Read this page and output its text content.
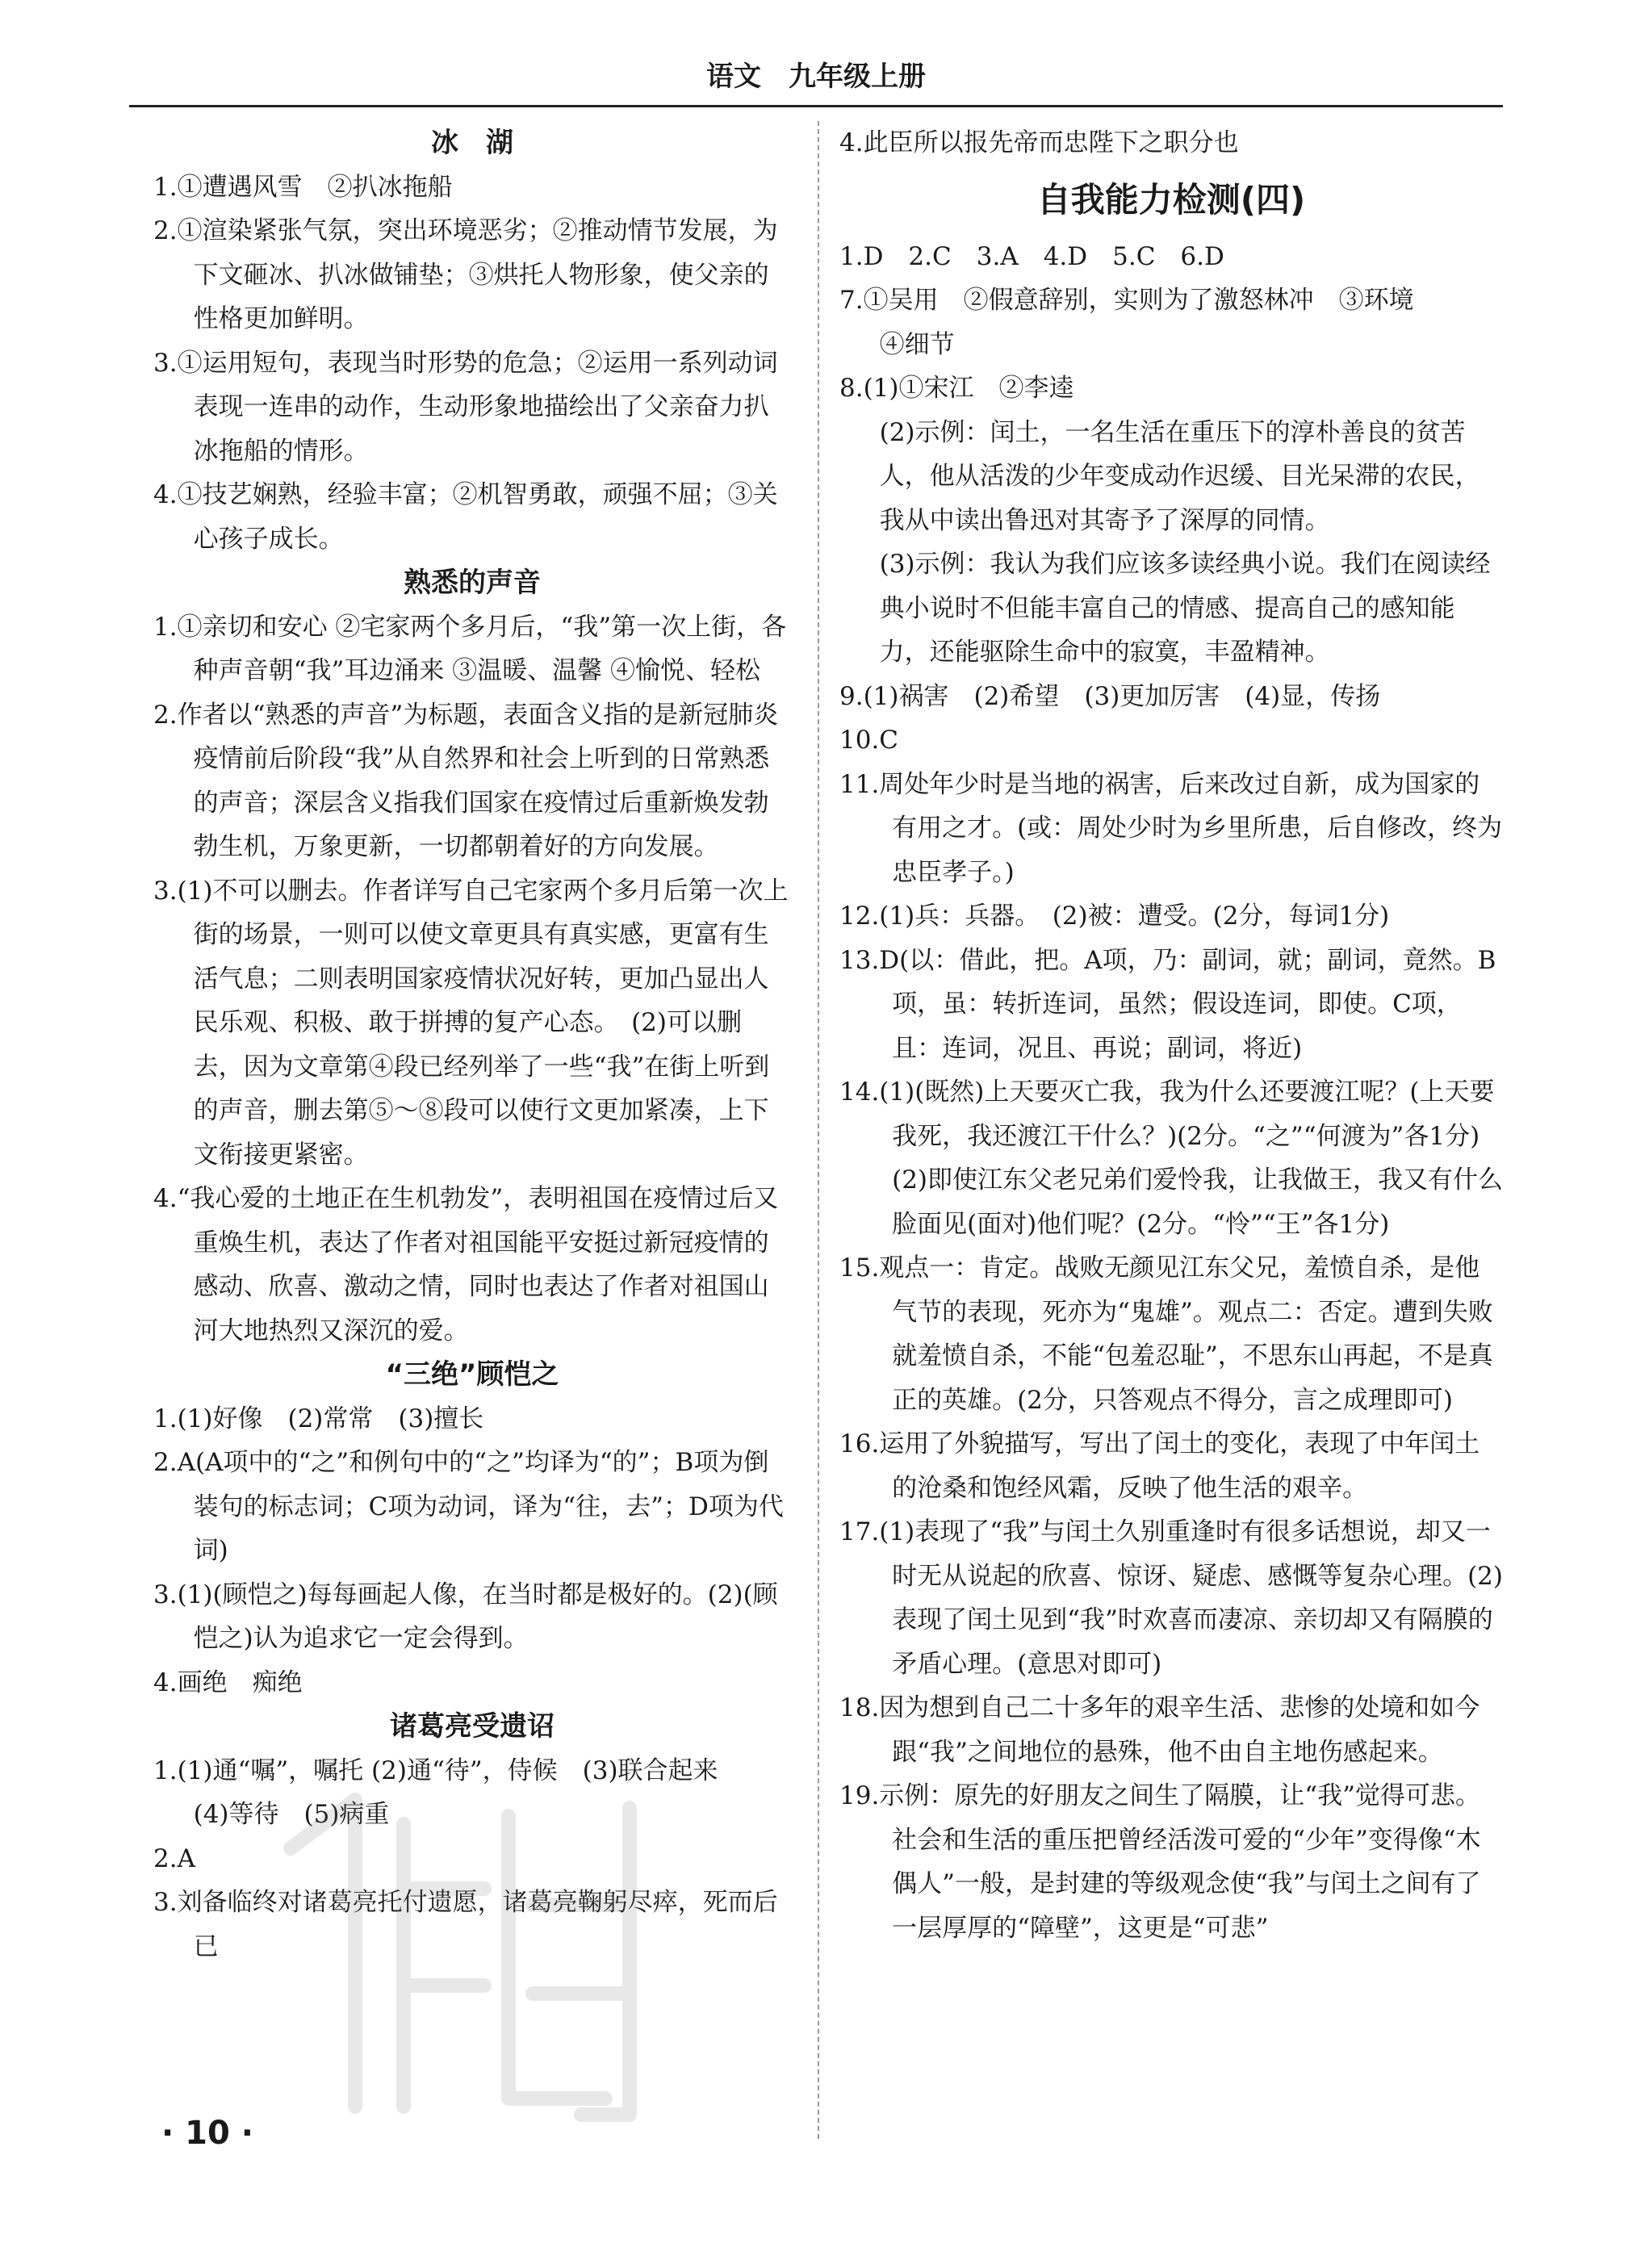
语文　九年级上册
冰　湖

1.①遭遇风雪　②扒冰拖船

2.①渲染紧张气氛，突出环境恶劣；②推动情节发展，为下文砸冰、扒冰做铺垫；③烘托人物形象，使父亲的性格更加鲜明。

3.①运用短句，表现当时形势的危急；②运用一系列动词表现一连串的动作，生动形象地描绘出了父亲奋力扒冰拖船的情形。

4.①技艺娴熟，经验丰富；②机智勇敢，顽强不屈；③关心孩子成长。

熟悉的声音

1.①亲切和安心 ②宅家两个多月后，“我”第一次上街，各种声音朝“我”耳边涌来 ③温暖、温馨 ④愉悦、轻松

2.作者以“熟悉的声音”为标题，表面含义指的是新冠肺炎疫情前后阶段“我”从自然界和社会上听到的日常熟悉的声音；深层含义指我们国家在疫情过后重新焕发勃勃生机，万象更新，一切都朝着好的方向发展。

3.(1)不可以删去。作者详写自己宅家两个多月后第一次上街的场景，一则可以使文章更具有真实感，更富有生活气息；二则表明国家疫情状况好转，更加凸显出人民乐观、积极、敢于拼搏的复产心态。　(2)可以删去，因为文章第④段已经列举了一些“我”在街上听到的声音，删去第⑤～⑧段可以使行文更加紧凑，上下文衔接更紧密。

4.“我心爱的土地正在生机勃发”，表明祖国在疫情过后又重焕生机，表达了作者对祖国能平安挺过新冠疫情的感动、欣喜、激动之情，同时也表达了作者对祖国山河大地热烈又深沉的爱。

“三绝”顾恺之

1.(1)好像　(2)常常　(3)擅长

2.A(A项中的“之”和例句中的“之”均译为“的”；B项为倒装句的标志词；C项为动词，译为“往，去”；D项为代词)

3.(1)(顾恺之)每每画起人像，在当时都是极好的。(2)(顾恺之)认为追求它一定会得到。

4.画绝　痴绝

诸葛亮受遗诏

1.(1)通“嘱”，嘱托 (2)通“待”，侍候　(3)联合起来

(4)等待　(5)病重

2.A

3.刘备临终对诸葛亮托付遗愿，诸葛亮鞠躬尽瘁，死而后已

4.此臣所以报先帝而忠陛下之职分也

自我能力检测(四)

1.D　2.C　3.A　4.D　5.C　6.D

7.①吴用　②假意辞别，实则为了激怒林冲　③环境

④细节

8.(1)①宋江　②李逵

(2)示例：闰土，一名生活在重压下的淳朴善良的贫苦人，他从活泼的少年变成动作迟缓、目光呆滞的农民，我从中读出鲁迅对其寄予了深厚的同情。

(3)示例：我认为我们应该多读经典小说。我们在阅读经典小说时不但能丰富自己的情感、提高自己的感知能力，还能驱除生命中的寂寞，丰盈精神。

9.(1)祸害　(2)希望　(3)更加厉害　(4)显，传扬

10.C

11.周处年少时是当地的祸害，后来改过自新，成为国家的有用之才。(或：周处少时为乡里所患，后自修改，终为忠臣孝子。)

12.(1)兵：兵器。　(2)被：遭受。(2分，每词1分)

13.D(以：借此，把。A项，乃：副词，就；副词，竟然。B项，虽：转折连词，虽然；假设连词，即使。C项，且：连词，况且、再说；副词，将近)

14.(1)(既然)上天要灭亡我，我为什么还要渡江呢？(上天要我死，我还渡江干什么？)(2分。“之”“何渡为”各1分)　(2)即使江东父老兄弟们爱怜我，让我做王，我又有什么脸面见(面对)他们呢？(2分。“怜”“王”各1分)

15.观点一：肯定。战败无颜见江东父兄，羞愤自杀，是他气节的表现，死亦为“鬼雄”。观点二：否定。遭到失败就羞愤自杀，不能“包羞忍耻”，不思东山再起，不是真正的英雄。(2分，只答观点不得分，言之成理即可)

16.运用了外貌描写，写出了闰土的变化，表现了中年闰土的沧桑和饱经风霜，反映了他生活的艰辛。

17.(1)表现了“我”与闰土久别重逢时有很多话想说，却又一时无从说起的欣喜、惊讶、疑虑、感慨等复杂心理。(2)表现了闰土见到“我”时欢喜而凄凉、亲切却又有隔膜的矛盾心理。(意思对即可)

18.因为想到自己二十多年的艰辛生活、悲惨的处境和如今跟“我”之间地位的悬殊，他不由自主地伤感起来。

19.示例：原先的好朋友之间生了隔膜，让“我”觉得可悲。社会和生活的重压把曾经活泼可爱的“少年”变得像“木偶人”一般，是封建的等级观念使“我”与闰土之间有了一层厚厚的“障壁”，这更是“可悲”

· 10 ·
